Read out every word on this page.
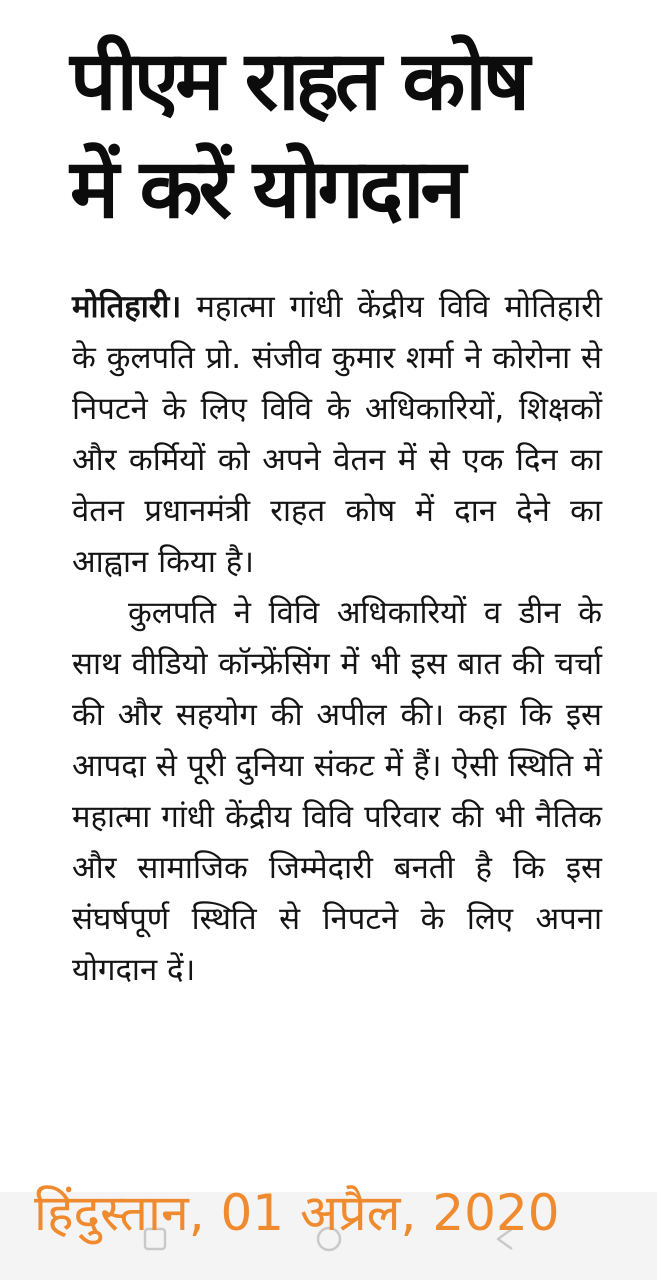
पीएम राहत कोष
में करें योगदान

मोतिहारी। महात्मा गांधी केंद्रीय विवि मोतिहारी के कुलपति प्रो. संजीव कुमार शर्मा ने कोरोना से निपटने के लिए विवि के अधिकारियों, शिक्षकों और कर्मियों को अपने वेतन में से एक दिन का वेतन प्रधानमंत्री राहत कोष में दान देने का आह्वान किया है।

कुलपति ने विवि अधिकारियों व डीन के साथ वीडियो कॉन्फ्रेंसिंग में भी इस बात की चर्चा की और सहयोग की अपील की। कहा कि इस आपदा से पूरी दुनिया संकट में हैं। ऐसी स्थिति में महात्मा गांधी केंद्रीय विवि परिवार की भी नैतिक और सामाजिक जिम्मेदारी बनती है कि इस संघर्षपूर्ण स्थिति से निपटने के लिए अपना योगदान दें।

हिंदुस्तान, 01 अप्रैल, 2020
